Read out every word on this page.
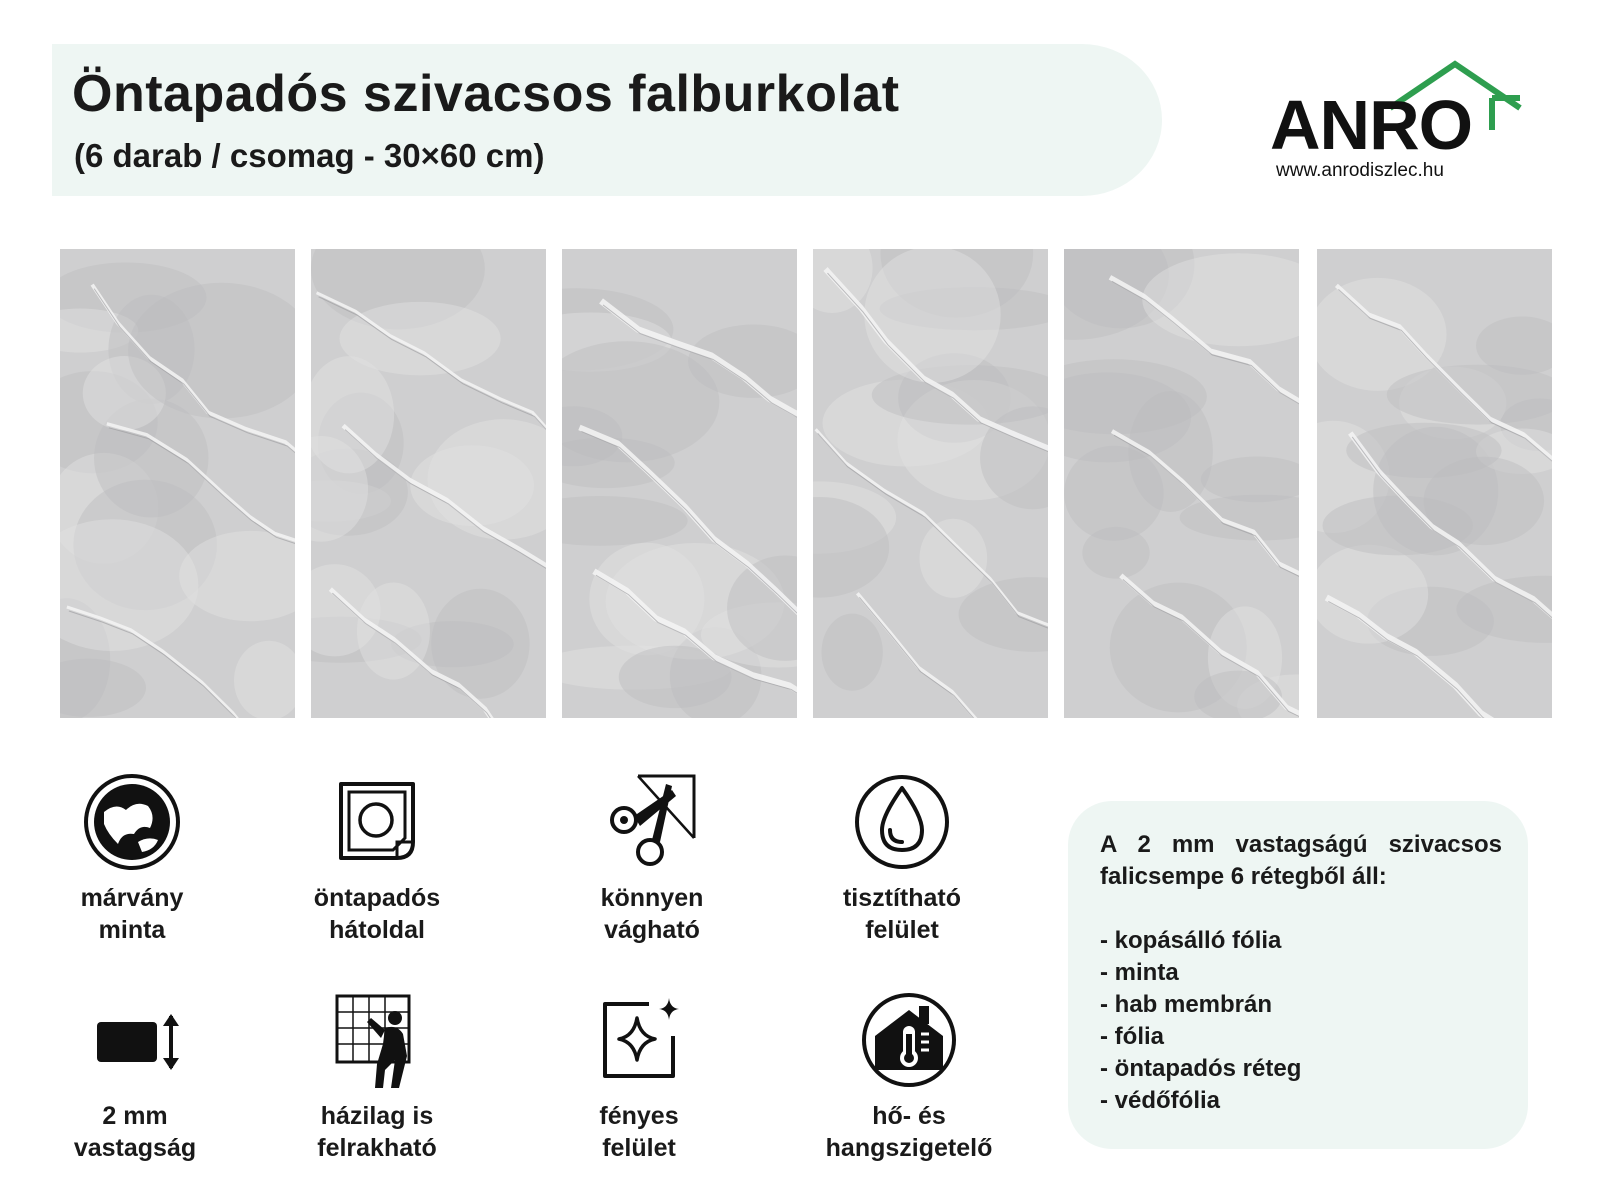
Öntapadós szivacsos falburkolat
(6 darab / csomag - 30×60 cm)	ANRO
www.anrodiszlec.hu
márvány
minta
öntapadós
hátoldal
könnyen
vágható
tisztítható
felület
2 mm
vastagság
házilag is
felrakható
fényes
felület
hő- és
hangszigetelő

A 2 mm vastagságú szivacsos falicsempe 6 rétegből áll:

- kopásálló fólia
- minta
- hab membrán
- fólia
- öntapadós réteg
- védőfólia
